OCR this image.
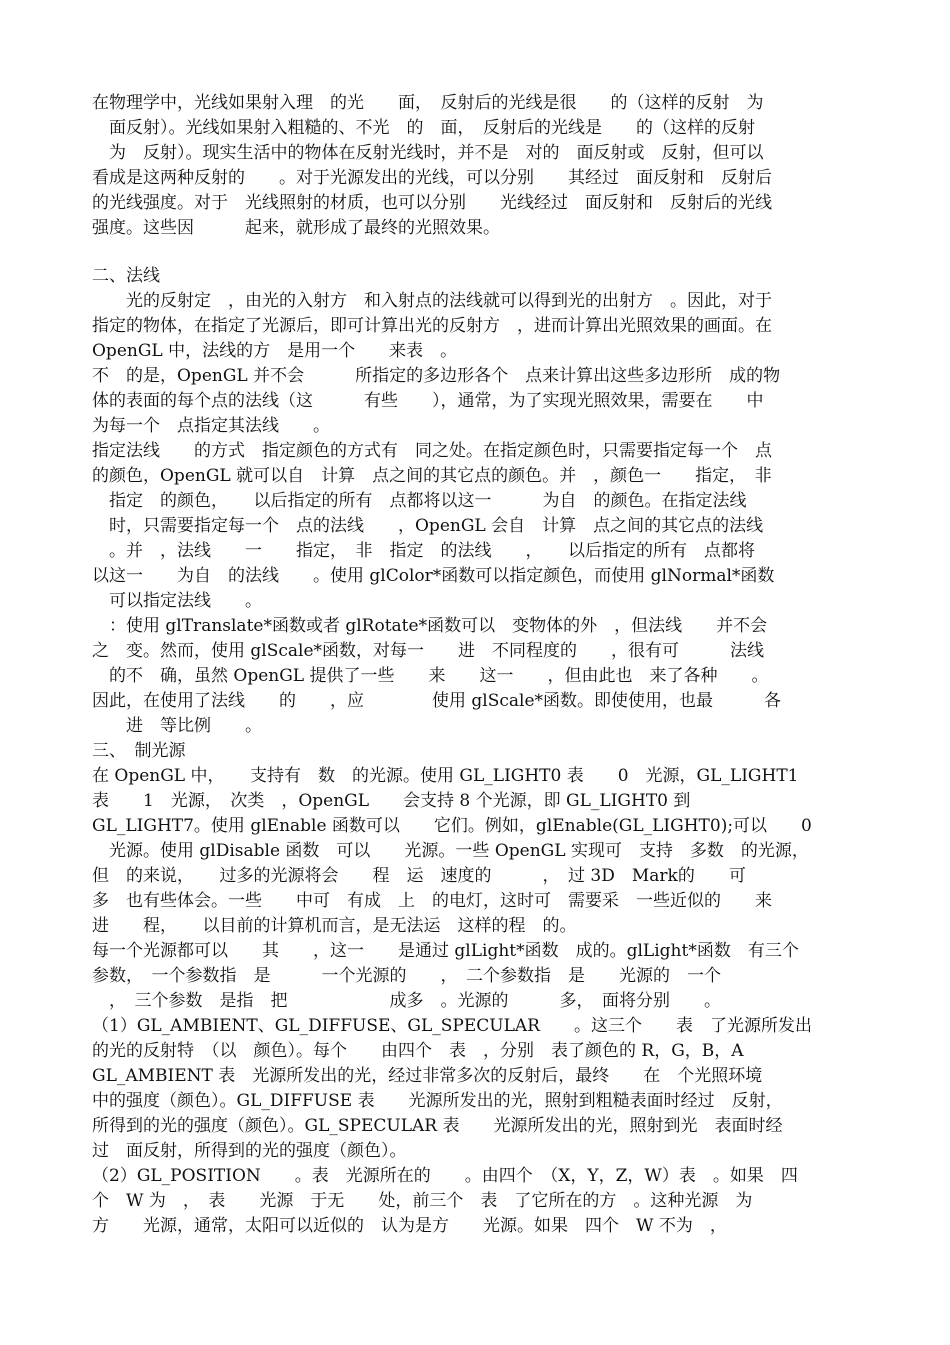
在物理学中，光线如果射入理　的光　　面，　反射后的光线是很　　的（这样的反射　为
　面反射）。光线如果射入粗糙的、不光　的　面，　反射后的光线是　　的（这样的反射
　为　反射）。现实生活中的物体在反射光线时，并不是　对的　面反射或　反射，但可以
看成是这两种反射的　　。对于光源发出的光线，可以分别　　其经过　面反射和　反射后
的光线强度。对于　光线照射的材质，也可以分别　　光线经过　面反射和　反射后的光线
强度。这些因　　　起来，就形成了最终的光照效果。
二、法线
　　光的反射定　，由光的入射方　和入射点的法线就可以得到光的出射方　。因此，对于
指定的物体，在指定了光源后，即可计算出光的反射方　，进而计算出光照效果的画面。在
OpenGL 中，法线的方　是用一个　　来表　。
不　的是，OpenGL 并不会　　　所指定的多边形各个　点来计算出这些多边形所　成的物
体的表面的每个点的法线（这　　　有些　　），通常，为了实现光照效果，需要在　　中
为每一个　点指定其法线　　。
指定法线　　的方式　指定颜色的方式有　同之处。在指定颜色时，只需要指定每一个　点
的颜色，OpenGL 就可以自　计算　点之间的其它点的颜色。并　，颜色一　　指定，　非
　指定　的颜色，　　以后指定的所有　点都将以这一　　　为自　的颜色。在指定法线
　时，只需要指定每一个　点的法线　　，OpenGL 会自　计算　点之间的其它点的法线
　。并　，法线　　一　　指定，　非　指定　的法线　　，　　以后指定的所有　点都将
以这一　　为自　的法线　　。使用 glColor*函数可以指定颜色，而使用 glNormal*函数
　可以指定法线　　。
　：使用 glTranslate*函数或者 glRotate*函数可以　变物体的外　，但法线　　并不会
之　变。然而，使用 glScale*函数，对每一　　进　不同程度的　　，很有可　　　法线
　的不　确，虽然 OpenGL 提供了一些　　来　　这一　　，但由此也　来了各种　　。
因此，在使用了法线　　的　　，应　　　　使用 glScale*函数。即使使用，也最　　　各
　　进　等比例　　。
三、　制光源
在 OpenGL 中，　　支持有　数　的光源。使用 GL_LIGHT0 表　　0　光源，GL_LIGHT1
表　　1　光源，　次类　，OpenGL　　会支持 8 个光源，即 GL_LIGHT0 到
GL_LIGHT7。使用 glEnable 函数可以　　它们。例如，glEnable(GL_LIGHT0);可以　　0
　光源。使用 glDisable 函数　可以　　光源。一些 OpenGL 实现可　支持　多数　的光源，
但　的来说，　　过多的光源将会　　程　运　速度的　　　，　过 3D　Mark的　　可
多　也有些体会。一些　　中可　有成　上　的电灯，这时可　需要采　一些近似的　　来
进　　程，　　以目前的计算机而言，是无法运　这样的程　的。
每一个光源都可以　　其　　，这一　　是通过 glLight*函数　成的。glLight*函数　有三个
参数，　一个参数指　是　　　一个光源的　　，　二个参数指　是　　光源的　一个
　，　三个参数　是指　把　　　　　　成多　。光源的　　　多，　面将分别　　。
（1）GL_AMBIENT、GL_DIFFUSE、GL_SPECULAR　　。这三个　　表　了光源所发出
的光的反射特　（以　颜色）。每个　　由四个　表　，分别　表了颜色的 R，G，B，A
GL_AMBIENT 表　光源所发出的光，经过非常多次的反射后，最终　　在　个光照环境
中的强度（颜色）。GL_DIFFUSE 表　　光源所发出的光，照射到粗糙表面时经过　反射，
所得到的光的强度（颜色）。GL_SPECULAR 表　　光源所发出的光，照射到光　表面时经
过　面反射，所得到的光的强度（颜色）。
（2）GL_POSITION　　。表　光源所在的　　。由四个　（X，Y，Z，W）表　。如果　四
个　W 为　，　表　　光源　于无　　处，前三个　表　了它所在的方　。这种光源　为
方　　光源，通常，太阳可以近似的　认为是方　　光源。如果　四个　W 不为　，
